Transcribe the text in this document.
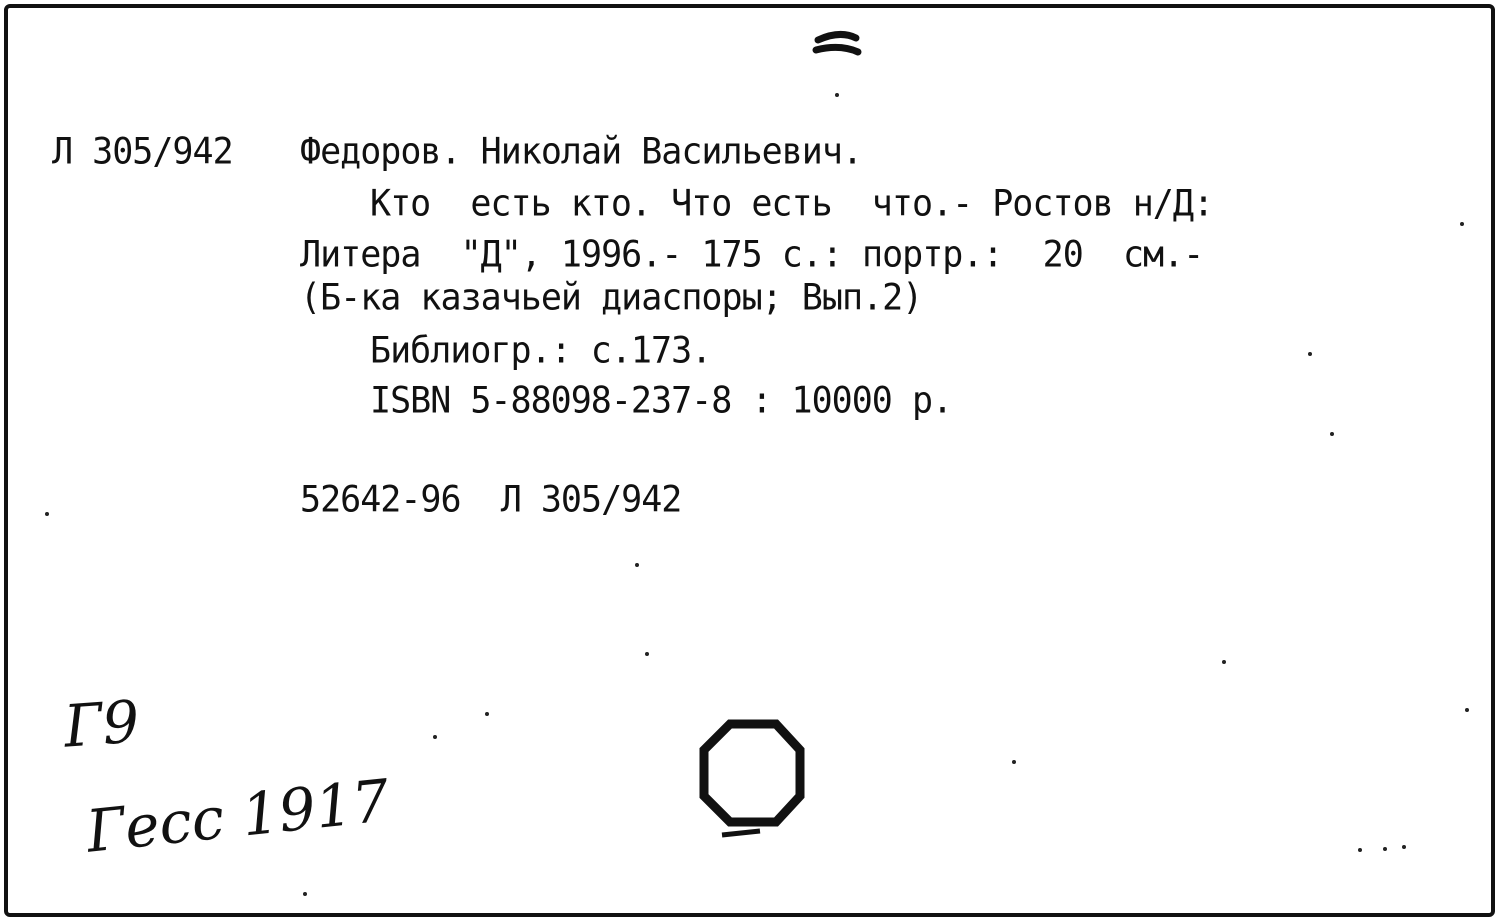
Л 305/942 Федоров. Николай Васильевич.
Кто  есть кто. Что есть  что.- Ростов н/Д:
Литера  "Д", 1996.- 175 с.: портр.:  20  см.-
(Б-ка казачьей диаспоры; Вып.2)
Библиогр.: с.173.
ISBN 5-88098-237-8 : 10000 р.
52642-96  Л 305/942
Г9
Гесс 1917
